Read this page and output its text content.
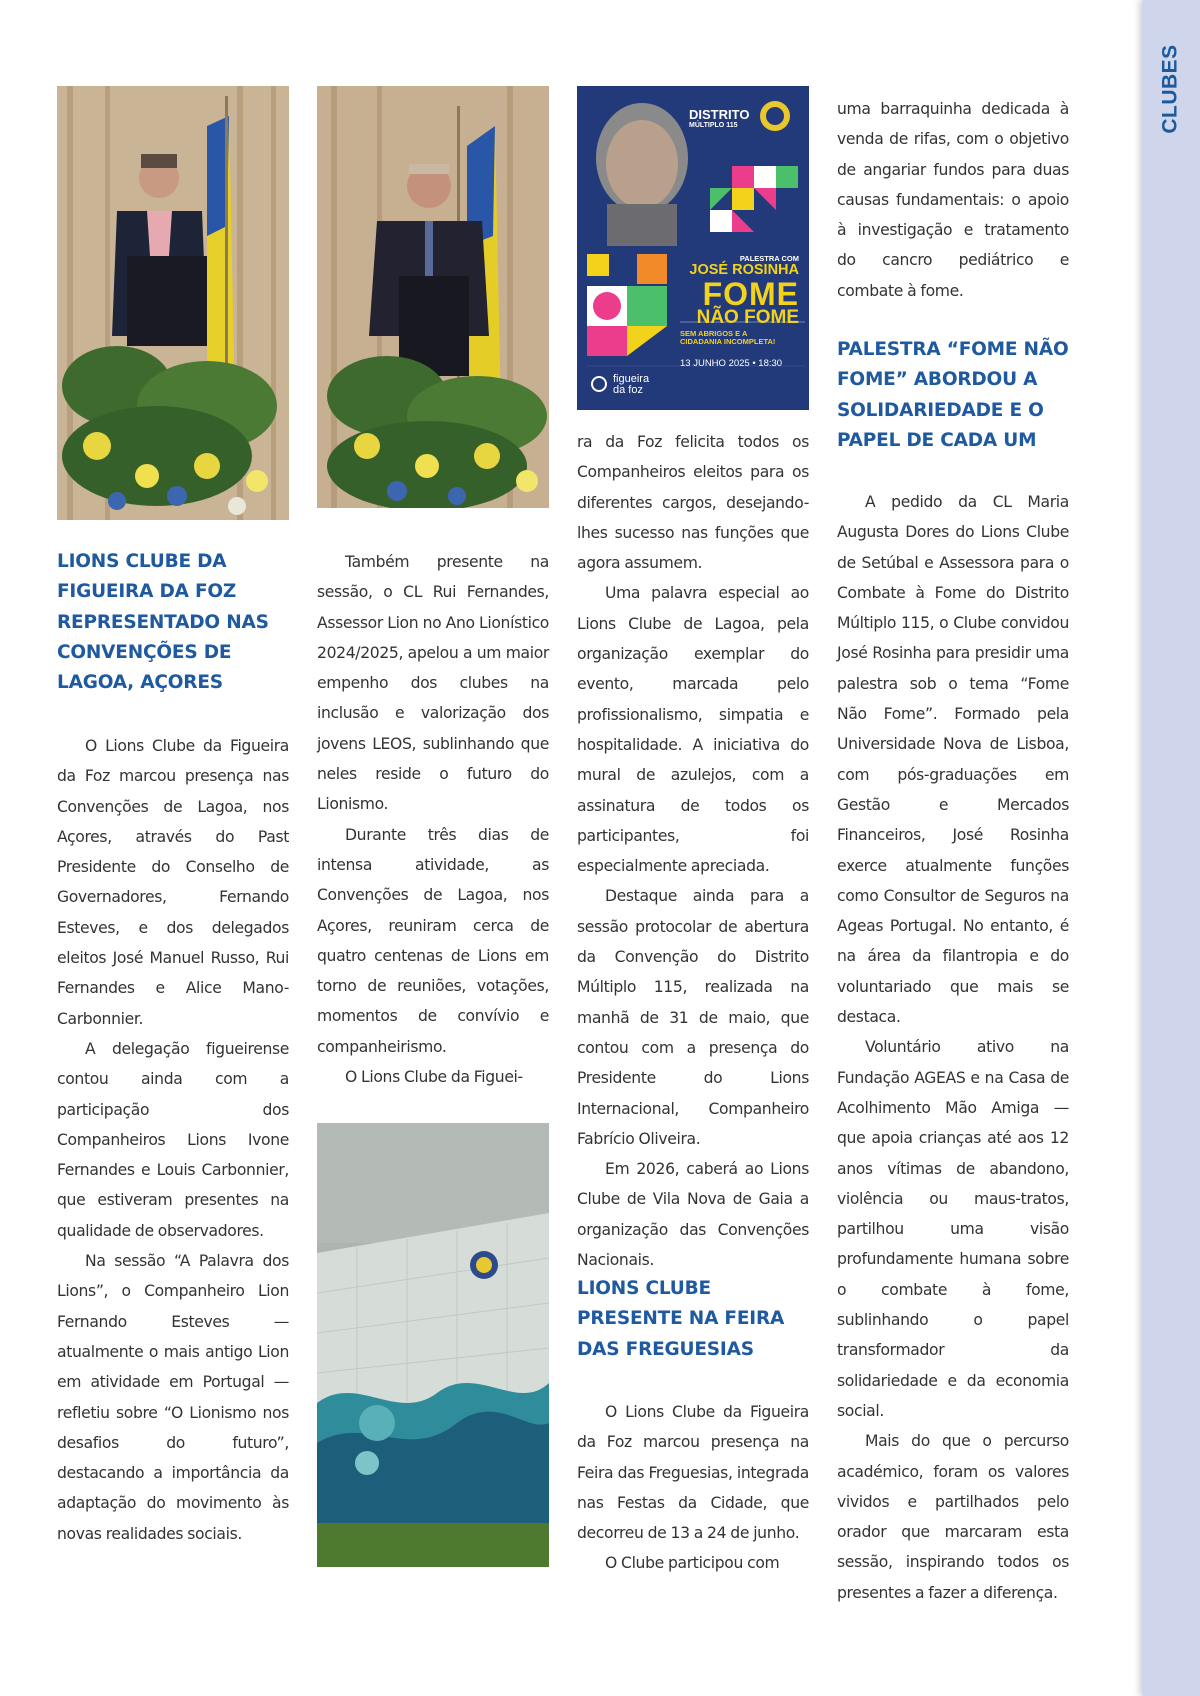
CLUBES
LIONS CLUBE DA FIGUEIRA DA FOZ REPRESENTADO NAS CONVENÇÕES DE LAGOA, AÇORES

O Lions Clube da Figueira da Foz marcou presença nas Convenções de Lagoa, nos Açores, através do Past Presidente do Conselho de Governadores, Fernando Esteves, e dos delegados eleitos José Manuel Russo, Rui Fernandes e Alice Mano-Carbonnier.

A delegação figueirense contou ainda com a participação dos Companheiros Lions Ivone Fernandes e Louis Carbonnier, que estiveram presentes na qualidade de observadores.

Na sessão “A Palavra dos Lions”, o Companheiro Lion Fernando Esteves — atualmente o mais antigo Lion em atividade em Portugal — refletiu sobre “O Lionismo nos desafios do futuro”, destacando a importância da adaptação do movimento às novas realidades sociais.

Também presente na sessão, o CL Rui Fernandes, Assessor Lion no Ano Lionístico 2024/2025, apelou a um maior empenho dos clubes na inclusão e valorização dos jovens LEOS, sublinhando que neles reside o futuro do Lionismo.

Durante três dias de intensa atividade, as Convenções de Lagoa, nos Açores, reuniram cerca de quatro centenas de Lions em torno de reuniões, votações, momentos de convívio e companheirismo.

O Lions Clube da Figuei-

DISTRITO
MÚLTIPLO 115
PALESTRA COM
JOSÉ ROSINHA
FOME
NÃO FOME
SEM ABRIGOS E A
CIDADANIA INCOMPLETA!
13 JUNHO 2025 • 18:30
figueira
da foz

ra da Foz felicita todos os Companheiros eleitos para os diferentes cargos, desejando-lhes sucesso nas funções que agora assumem.

Uma palavra especial ao Lions Clube de Lagoa, pela organização exemplar do evento, marcada pelo profissionalismo, simpatia e hospitalidade. A iniciativa do mural de azulejos, com a assinatura de todos os participantes, foi especialmente apreciada.

Destaque ainda para a sessão protocolar de abertura da Convenção do Distrito Múltiplo 115, realizada na manhã de 31 de maio, que contou com a presença do Presidente do Lions Internacional, Companheiro Fabrício Oliveira.

Em 2026, caberá ao Lions Clube de Vila Nova de Gaia a organização das Convenções Nacionais.

LIONS CLUBE PRESENTE NA FEIRA DAS FREGUESIAS

O Lions Clube da Figueira da Foz marcou presença na Feira das Freguesias, integrada nas Festas da Cidade, que decorreu de 13 a 24 de junho.

O Clube participou com

uma barraquinha dedicada à venda de rifas, com o objetivo de angariar fundos para duas causas fundamentais: o apoio à investigação e tratamento do cancro pediátrico e combate à fome.

PALESTRA “FOME NÃO FOME” ABORDOU A SOLIDARIEDADE E O PAPEL DE CADA UM

A pedido da CL Maria Augusta Dores do Lions Clube de Setúbal e Assessora para o Combate à Fome do Distrito Múltiplo 115, o Clube convidou José Rosinha para presidir uma palestra sob o tema “Fome Não Fome”. Formado pela Universidade Nova de Lisboa, com pós-graduações em Gestão e Mercados Financeiros, José Rosinha exerce atualmente funções como Consultor de Seguros na Ageas Portugal. No entanto, é na área da filantropia e do voluntariado que mais se destaca.

Voluntário ativo na Fundação AGEAS e na Casa de Acolhimento Mão Amiga — que apoia crianças até aos 12 anos vítimas de abandono, violência ou maus-tratos, partilhou uma visão profundamente humana sobre o combate à fome, sublinhando o papel transformador da solidariedade e da economia social.

Mais do que o percurso académico, foram os valores vividos e partilhados pelo orador que marcaram esta sessão, inspirando todos os presentes a fazer a diferença.
